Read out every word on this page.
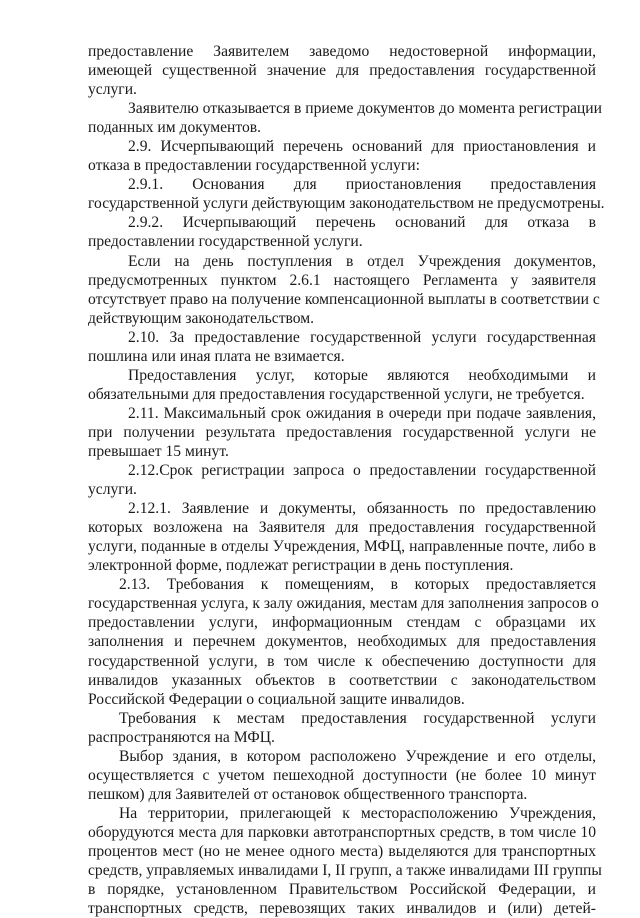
предоставление Заявителем заведомо недостоверной информации,
имеющей существенной значение для предоставления государственной
услуги.

Заявителю отказывается в приеме документов до момента регистрации
поданных им документов.

2.9. Исчерпывающий перечень оснований для приостановления и
отказа в предоставлении государственной услуги:

2.9.1. Основания для приостановления предоставления
государственной услуги действующим законодательством не предусмотрены.

2.9.2. Исчерпывающий перечень оснований для отказа в
предоставлении государственной услуги.

Если на день поступления в отдел Учреждения документов,
предусмотренных пунктом 2.6.1 настоящего Регламента у заявителя
отсутствует право на получение компенсационной выплаты в соответствии с
действующим законодательством.

2.10. За предоставление государственной услуги государственная
пошлина или иная плата не взимается.

Предоставления услуг, которые являются необходимыми и
обязательными для предоставления государственной услуги, не требуется.

2.11. Максимальный срок ожидания в очереди при подаче заявления,
при получении результата предоставления государственной услуги не
превышает 15 минут.

2.12.Срок регистрации запроса о предоставлении государственной
услуги.

2.12.1. Заявление и документы, обязанность по предоставлению
которых возложена на Заявителя для предоставления государственной
услуги, поданные в отделы Учреждения, МФЦ, направленные почте, либо в
электронной форме, подлежат регистрации в день поступления.

2.13. Требования к помещениям, в которых предоставляется
государственная услуга, к залу ожидания, местам для заполнения запросов о
предоставлении услуги, информационным стендам с образцами их
заполнения и перечнем документов, необходимых для предоставления
государственной услуги, в том числе к обеспечению доступности для
инвалидов указанных объектов в соответствии с законодательством
Российской Федерации о социальной защите инвалидов.

Требования к местам предоставления государственной услуги
распространяются на МФЦ.

Выбор здания, в котором расположено Учреждение и его отделы,
осуществляется с учетом пешеходной доступности (не более 10 минут
пешком) для Заявителей от остановок общественного транспорта.

На территории, прилегающей к месторасположению Учреждения,
оборудуются места для парковки автотранспортных средств, в том числе 10
процентов мест (но не менее одного места) выделяются для транспортных
средств, управляемых инвалидами I, II групп, а также инвалидами III группы
в порядке, установленном Правительством Российской Федерации, и
транспортных средств, перевозящих таких инвалидов и (или) детей-
